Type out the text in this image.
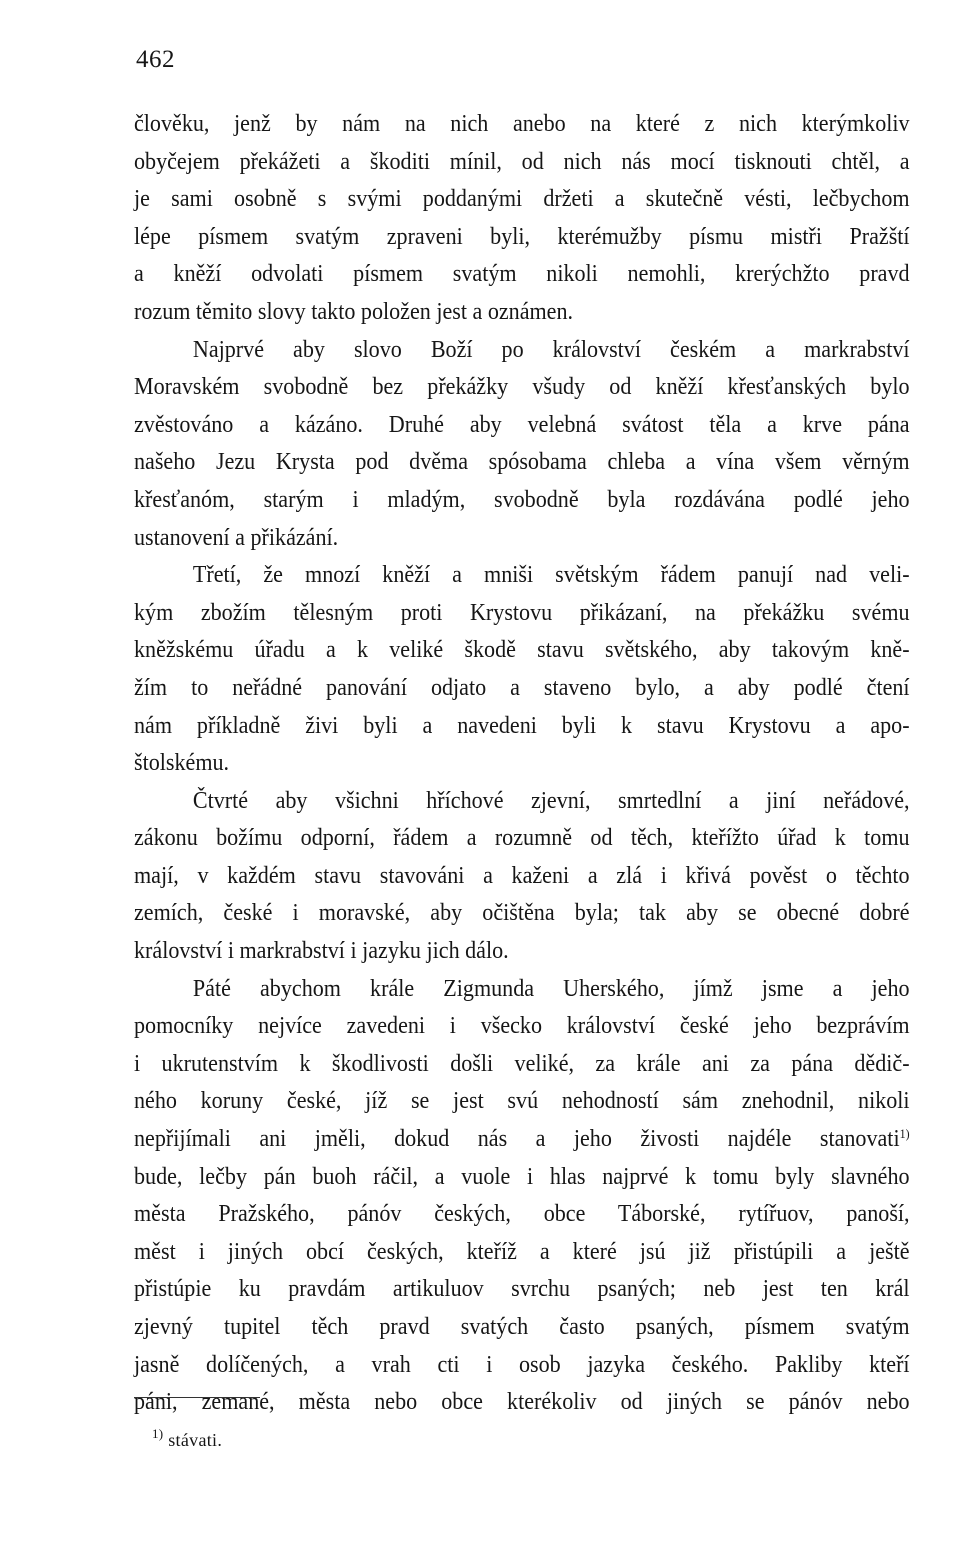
462
člověku, jenž by nám na nich anebo na které z nich kterýmkoliv
obyčejem překážeti a škoditi mínil, od nich nás mocí tisknouti chtěl, a
je sami osobně s svými poddanými držeti a skutečně vésti, lečbychom
lépe písmem svatým zpraveni byli, kterémužby písmu mistři Pražští
a kněží odvolati písmem svatým nikoli nemohli, krerýchžto pravd
rozum těmito slovy takto položen jest a oznámen.
Najprvé aby slovo Boží po království českém a markrabství
Moravském svobodně bez překážky všudy od kněží křesťanských bylo
zvěstováno a kázáno. Druhé aby velebná svátost těla a krve pána
našeho Jezu Krysta pod dvěma spósobama chleba a vína všem věrným
křesťanóm, starým i mladým, svobodně byla rozdávána podlé jeho
ustanovení a přikázání.
Třetí, že mnozí kněží a mniši světským řádem panují nad veli-
kým zbožím tělesným proti Krystovu přikázaní, na překážku svému
kněžskému úřadu a k veliké škodě stavu světského, aby takovým kně-
žím to neřádné panování odjato a staveno bylo, a aby podlé čtení
nám příkladně živi byli a navedeni byli k stavu Krystovu a apo-
štolskému.
Čtvrté aby všichni hříchové zjevní, smrtedlní a jiní neřádové,
zákonu božímu odporní, řádem a rozumně od těch, kteřížto úřad k tomu
mají, v každém stavu stavováni a kaženi a zlá i křivá pověst o těchto
zemích, české i moravské, aby očištěna byla; tak aby se obecné dobré
království i markrabství i jazyku jich dálo.
Páté abychom krále Zigmunda Uherského, jímž jsme a jeho
pomocníky nejvíce zavedeni i všecko království české jeho bezprávím
i ukrutenstvím k škodlivosti došli veliké, za krále ani za pána dědič-
ného koruny české, jíž se jest svú nehodností sám znehodnil, nikoli
nepřijímali ani jměli, dokud nás a jeho živosti najdéle stanovati$^{1)}$
bude, lečby pán buoh ráčil, a vuole i hlas najprvé k tomu byly slavného
města Pražského, pánóv českých, obce Táborské, rytířuov, panoší,
měst i jiných obcí českých, kteříž a které jsú již přistúpili a ještě
přistúpie ku pravdám artikuluov svrchu psaných; neb jest ten král
zjevný tupitel těch pravd svatých často psaných, písmem svatým
jasně dolíčených, a vrah cti i osob jazyka českého. Pakliby kteří
páni, zemané, města nebo obce kterékoliv od jiných se pánóv nebo
$^{1)}$ stávati.
